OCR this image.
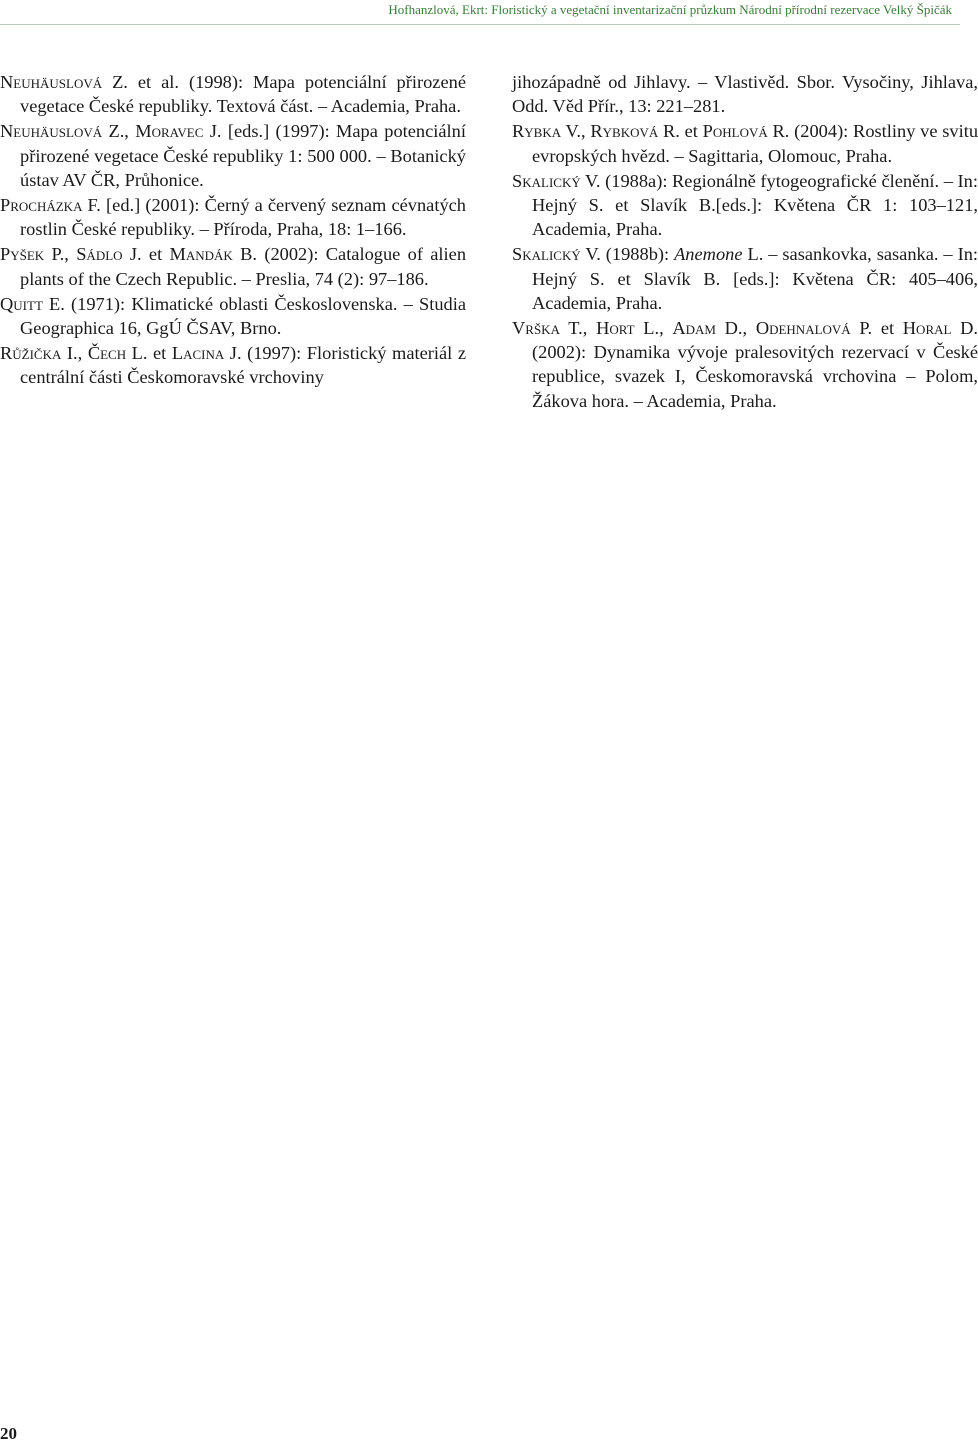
Hofhanzlová, Ekrt: Floristický a vegetační inventarizační průzkum Národní přírodní rezervace Velký Špičák

Neuhäuslová Z. et al. (1998): Mapa potenciální přirozené vegetace České republiky. Textová část. – Academia, Praha.

Neuhäuslová Z., Moravec J. [eds.] (1997): Mapa potenciální přirozené vegetace České republiky 1: 500 000. – Botanický ústav AV ČR, Průhonice.

Procházka F. [ed.] (2001): Černý a červený seznam cévnatých rostlin České republiky. – Příroda, Praha, 18: 1–166.

Pyšek P., Sádlo J. et Mandák B. (2002): Catalogue of alien plants of the Czech Republic. – Preslia, 74 (2): 97–186.

Quitt E. (1971): Klimatické oblasti Československa. – Studia Geographica 16, GgÚ ČSAV, Brno.

Růžička I., Čech L. et Lacina J. (1997): Floristický materiál z centrální části Českomoravské vrchoviny

jihozápadně od Jihlavy. – Vlastivěd. Sbor. Vysočiny, Jihlava, Odd. Věd Přír., 13: 221–281.

Rybka V., Rybková R. et Pohlová R. (2004): Rostliny ve svitu evropských hvězd. – Sagittaria, Olomouc, Praha.

Skalický V. (1988a): Regionálně fytogeografické členění. – In: Hejný S. et Slavík B.[eds.]: Květena ČR 1: 103–121, Academia, Praha.

Skalický V. (1988b): Anemone L. – sasankovka, sasanka. – In: Hejný S. et Slavík B. [eds.]: Květena ČR: 405–406, Academia, Praha.

Vrška T., Hort L., Adam D., Odehnalová P. et Horal D. (2002): Dynamika vývoje pralesovitých rezervací v České republice, svazek I, Českomoravská vrchovina – Polom, Žákova hora. – Academia, Praha.

20
